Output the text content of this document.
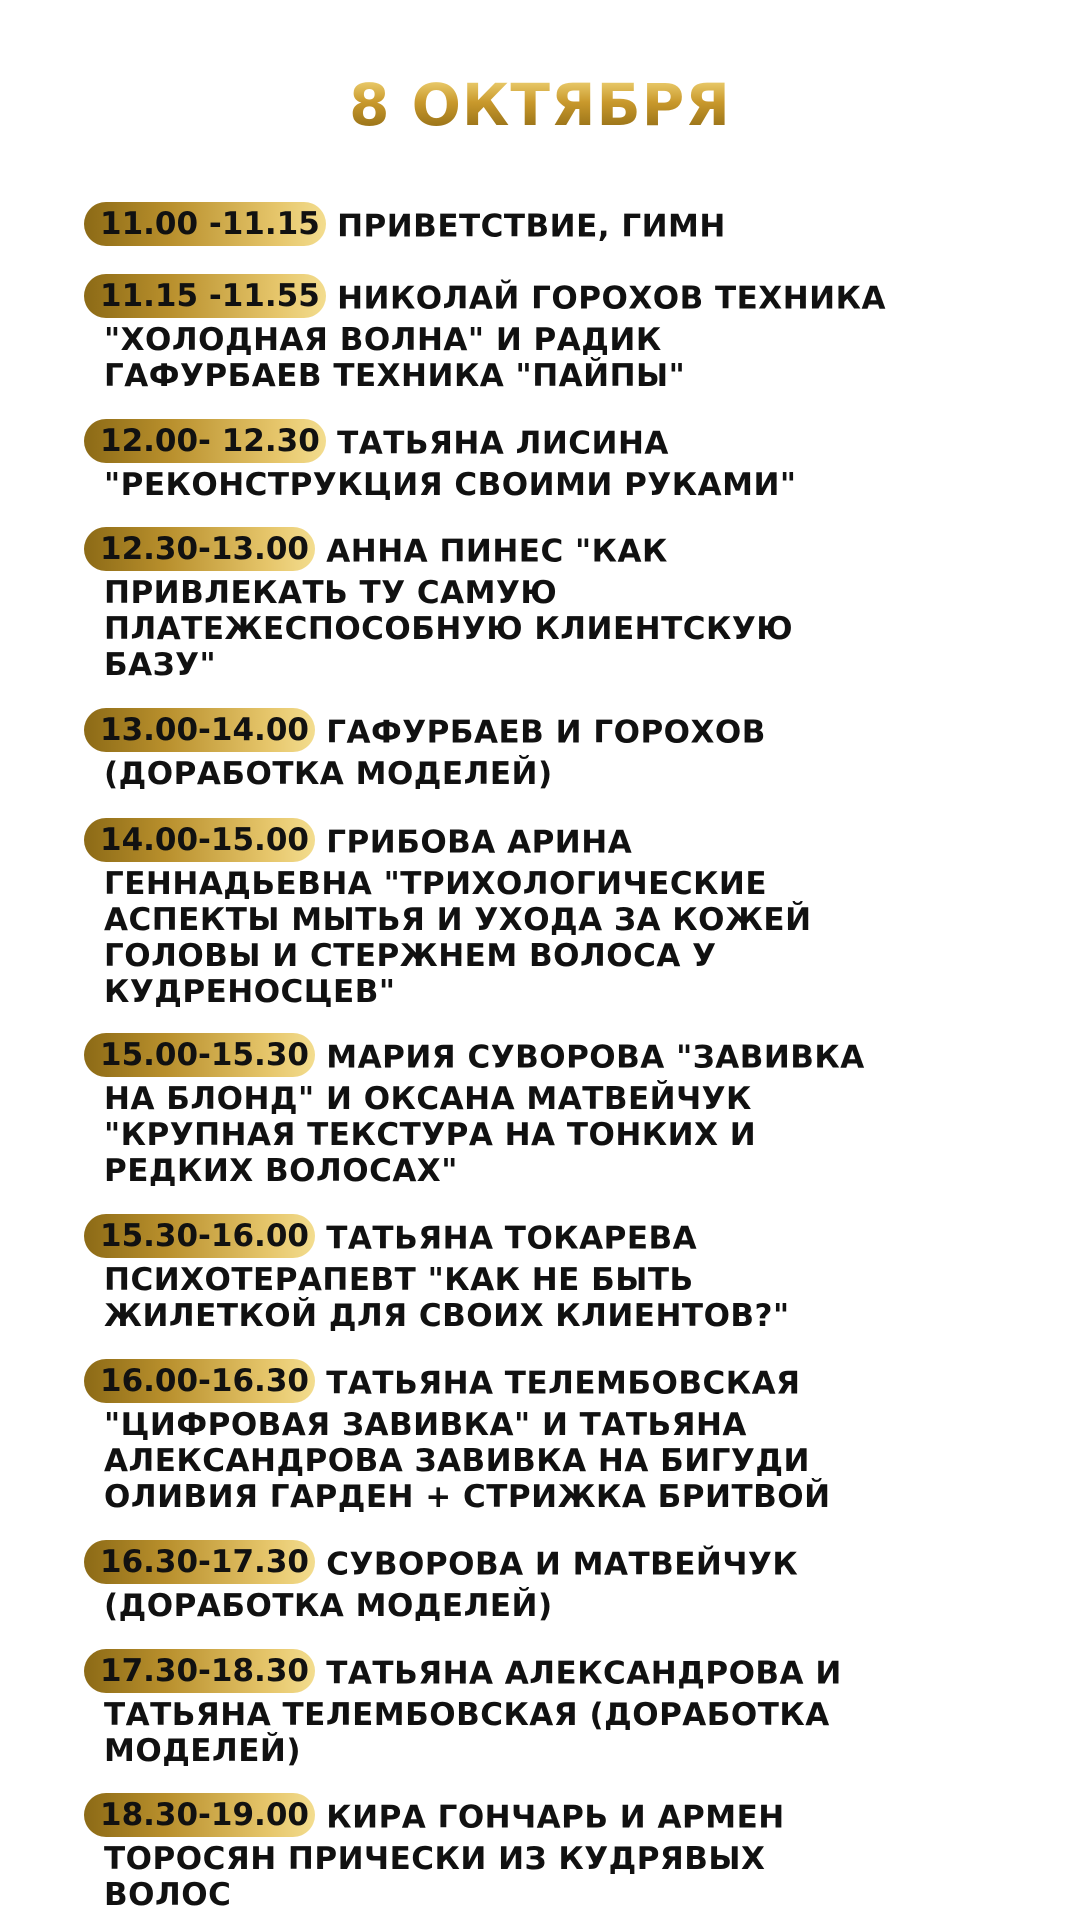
8 ОКТЯБРЯ
11.00 -11.15 ПРИВЕТСТВИЕ, ГИМН
11.15 -11.55 НИКОЛАЙ ГОРОХОВ ТЕХНИКА
"ХОЛОДНАЯ ВОЛНА" И РАДИК
ГАФУРБАЕВ ТЕХНИКА "ПАЙПЫ"
12.00- 12.30 ТАТЬЯНА ЛИСИНА
"РЕКОНСТРУКЦИЯ СВОИМИ РУКАМИ"
12.30-13.00 АННА ПИНЕС "КАК
ПРИВЛЕКАТЬ ТУ САМУЮ
ПЛАТЕЖЕСПОСОБНУЮ КЛИЕНТСКУЮ
БАЗУ"
13.00-14.00 ГАФУРБАЕВ И ГОРОХОВ
(ДОРАБОТКА МОДЕЛЕЙ)
14.00-15.00 ГРИБОВА АРИНА
ГЕННАДЬЕВНА "ТРИХОЛОГИЧЕСКИЕ
АСПЕКТЫ МЫТЬЯ И УХОДА ЗА КОЖЕЙ
ГОЛОВЫ И СТЕРЖНЕМ ВОЛОСА У
КУДРЕНОСЦЕВ"
15.00-15.30 МАРИЯ СУВОРОВА "ЗАВИВКА
НА БЛОНД" И ОКСАНА МАТВЕЙЧУК
"КРУПНАЯ ТЕКСТУРА НА ТОНКИХ И
РЕДКИХ ВОЛОСАХ"
15.30-16.00 ТАТЬЯНА ТОКАРЕВА
ПСИХОТЕРАПЕВТ "КАК НЕ БЫТЬ
ЖИЛЕТКОЙ ДЛЯ СВОИХ КЛИЕНТОВ?"
16.00-16.30 ТАТЬЯНА ТЕЛЕМБОВСКАЯ
"ЦИФРОВАЯ ЗАВИВКА" И ТАТЬЯНА
АЛЕКСАНДРОВА ЗАВИВКА НА БИГУДИ
ОЛИВИЯ ГАРДЕН + СТРИЖКА БРИТВОЙ
16.30-17.30 СУВОРОВА И МАТВЕЙЧУК
(ДОРАБОТКА МОДЕЛЕЙ)
17.30-18.30 ТАТЬЯНА АЛЕКСАНДРОВА И
ТАТЬЯНА ТЕЛЕМБОВСКАЯ (ДОРАБОТКА
МОДЕЛЕЙ)
18.30-19.00 КИРА ГОНЧАРЬ И АРМЕН
ТОРОСЯН ПРИЧЕСКИ ИЗ КУДРЯВЫХ
ВОЛОС
